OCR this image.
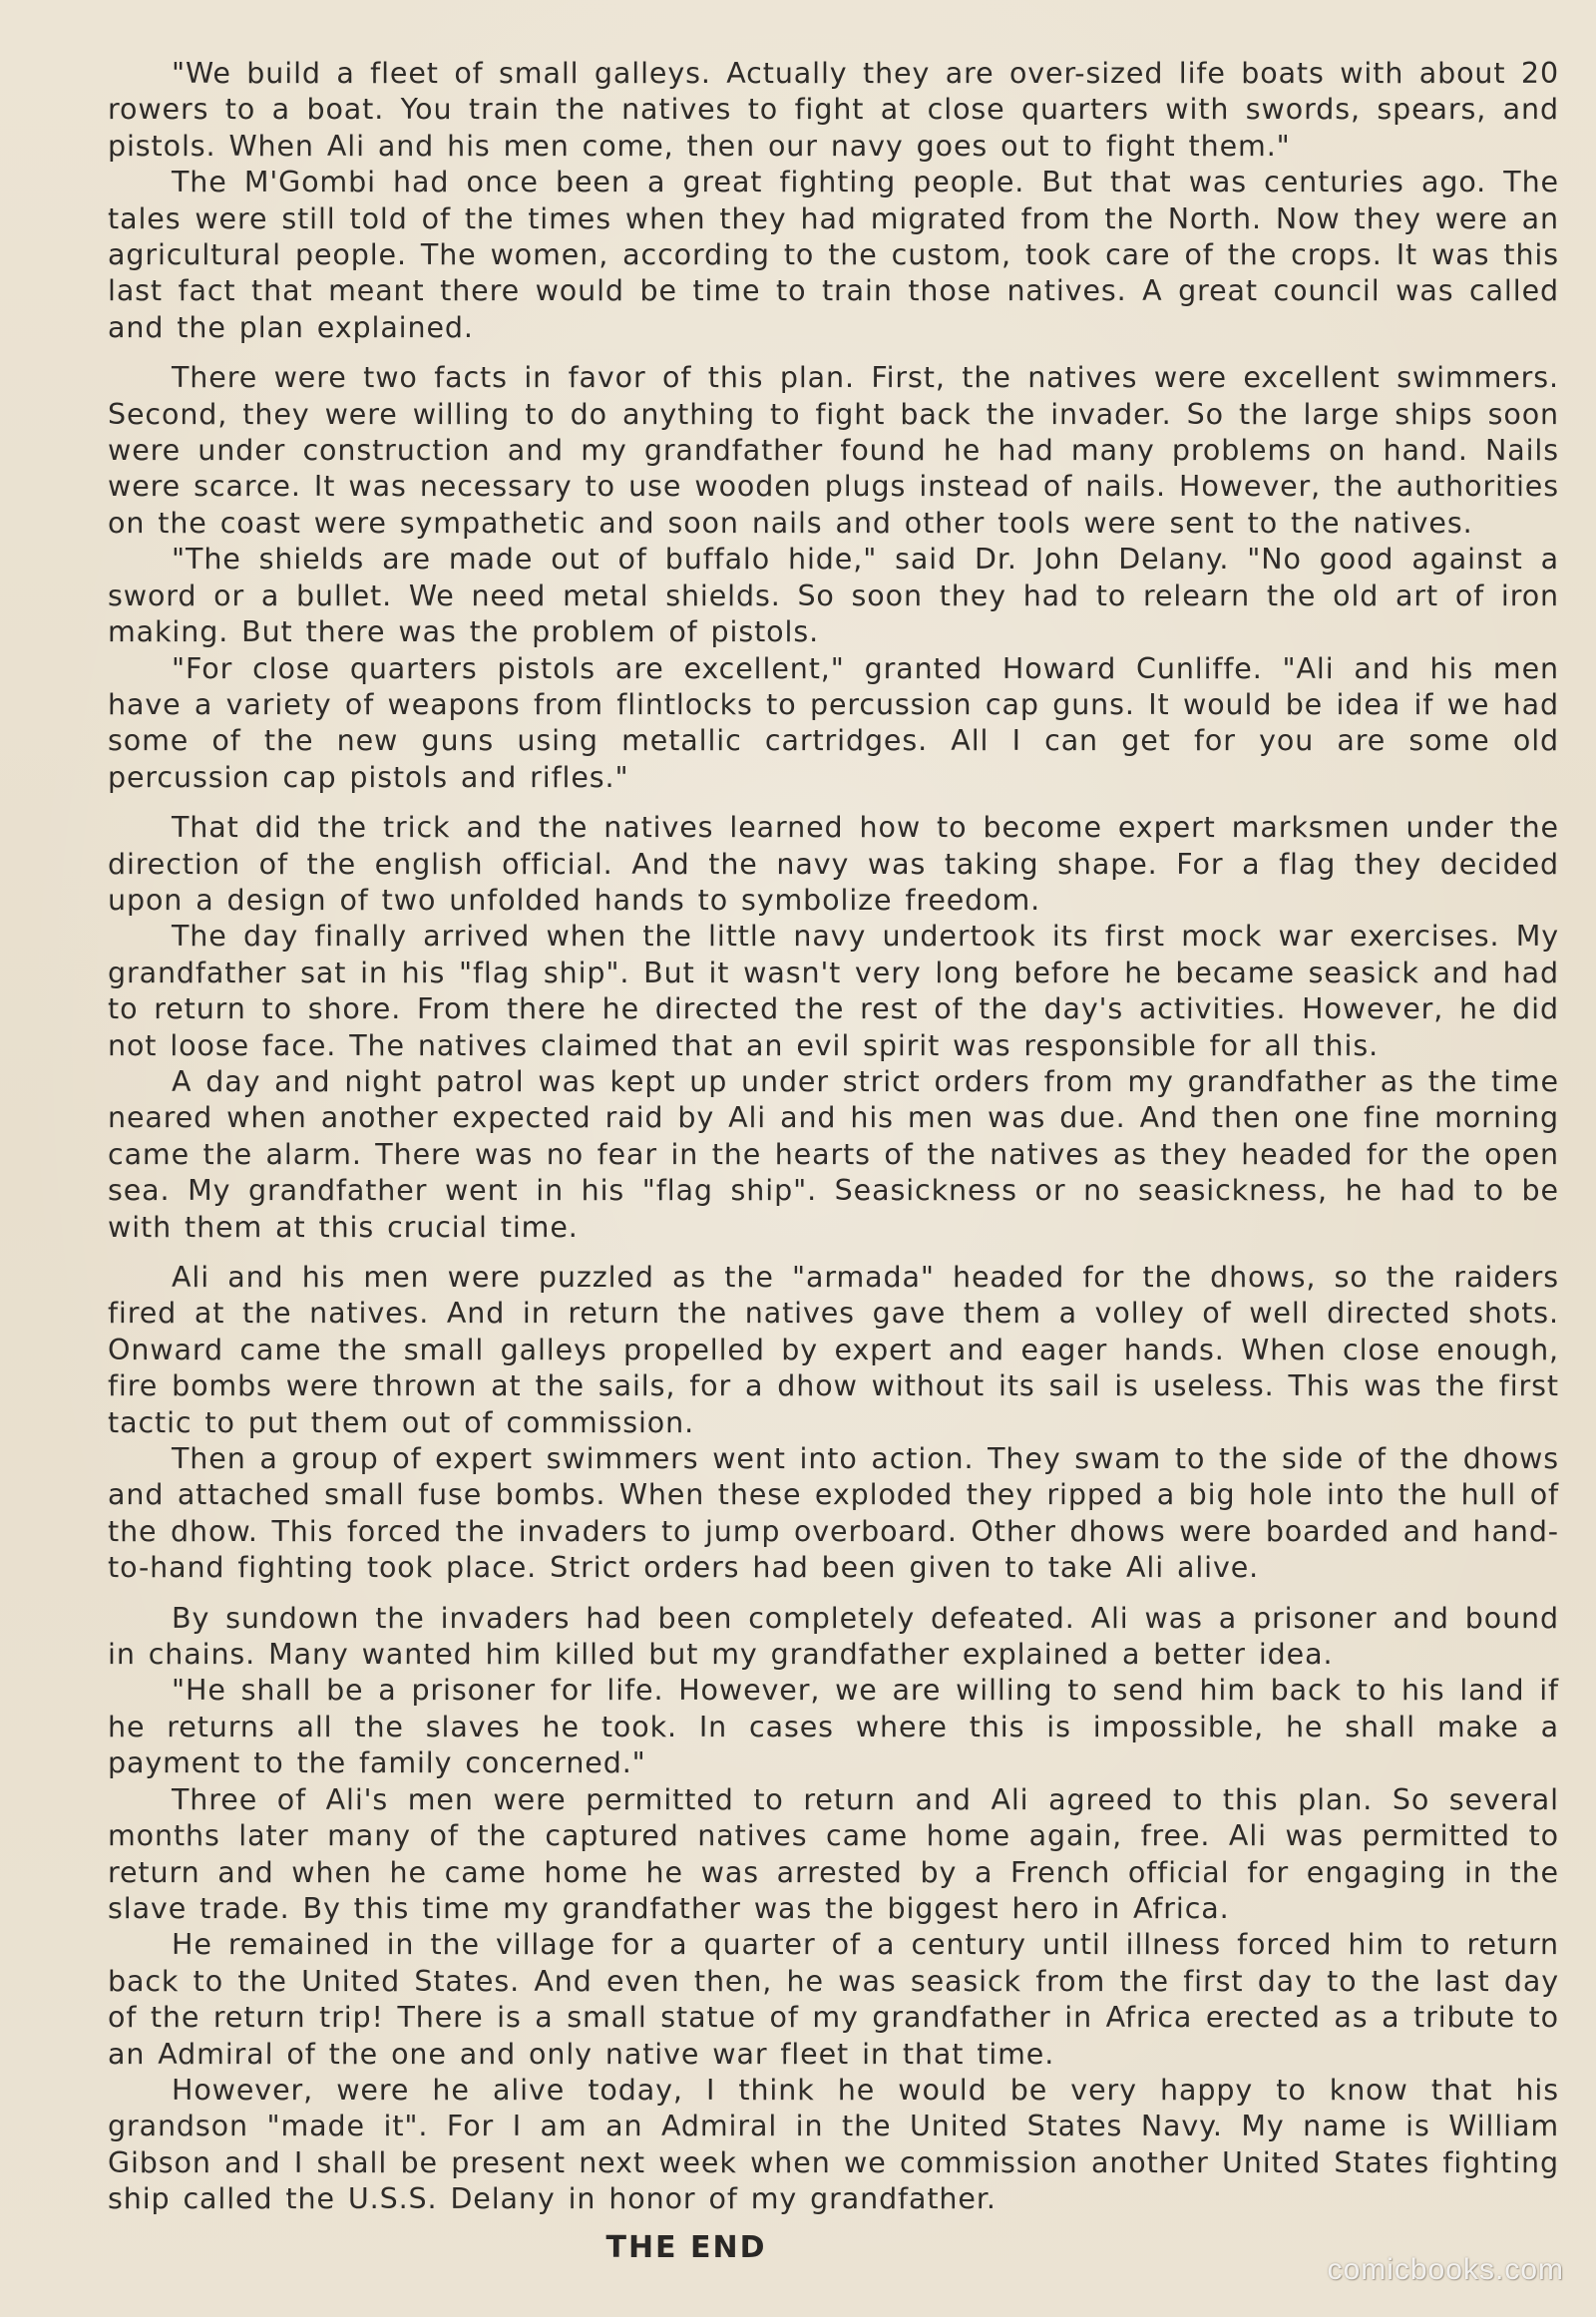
"We build a fleet of small galleys. Actually they are over-sized life boats with about 20 rowers to a boat. You train the natives to fight at close quarters with swords, spears, and pistols. When Ali and his men come, then our navy goes out to fight them."

The M'Gombi had once been a great fighting people. But that was centuries ago. The tales were still told of the times when they had migrated from the North. Now they were an agricultural people. The women, according to the custom, took care of the crops. It was this last fact that meant there would be time to train those natives. A great council was called and the plan explained.

There were two facts in favor of this plan. First, the natives were excellent swimmers. Second, they were willing to do anything to fight back the invader. So the large ships soon were under construction and my grandfather found he had many problems on hand. Nails were scarce. It was necessary to use wooden plugs instead of nails. However, the authorities on the coast were sympathetic and soon nails and other tools were sent to the natives.

"The shields are made out of buffalo hide," said Dr. John Delany. "No good against a sword or a bullet. We need metal shields. So soon they had to relearn the old art of iron making. But there was the problem of pistols.

"For close quarters pistols are excellent," granted Howard Cunliffe. "Ali and his men have a variety of weapons from flintlocks to percussion cap guns. It would be idea if we had some of the new guns using metallic cartridges. All I can get for you are some old percussion cap pistols and rifles."

That did the trick and the natives learned how to become expert marksmen under the direction of the english official. And the navy was taking shape. For a flag they decided upon a design of two unfolded hands to symbolize freedom.

The day finally arrived when the little navy undertook its first mock war exercises. My grandfather sat in his "flag ship". But it wasn't very long before he became seasick and had to return to shore. From there he directed the rest of the day's activities. However, he did not loose face. The natives claimed that an evil spirit was responsible for all this.

A day and night patrol was kept up under strict orders from my grandfather as the time neared when another expected raid by Ali and his men was due. And then one fine morning came the alarm. There was no fear in the hearts of the natives as they headed for the open sea. My grandfather went in his "flag ship". Seasickness or no seasickness, he had to be with them at this crucial time.

Ali and his men were puzzled as the "armada" headed for the dhows, so the raiders fired at the natives. And in return the natives gave them a volley of well directed shots. Onward came the small galleys propelled by expert and eager hands. When close enough, fire bombs were thrown at the sails, for a dhow without its sail is useless. This was the first tactic to put them out of commission.

Then a group of expert swimmers went into action. They swam to the side of the dhows and attached small fuse bombs. When these exploded they ripped a big hole into the hull of the dhow. This forced the invaders to jump overboard. Other dhows were boarded and hand-to-hand fighting took place. Strict orders had been given to take Ali alive.

By sundown the invaders had been completely defeated. Ali was a prisoner and bound in chains. Many wanted him killed but my grandfather explained a better idea.

"He shall be a prisoner for life. However, we are willing to send him back to his land if he returns all the slaves he took. In cases where this is impossible, he shall make a payment to the family concerned."

Three of Ali's men were permitted to return and Ali agreed to this plan. So several months later many of the captured natives came home again, free. Ali was permitted to return and when he came home he was arrested by a French official for engaging in the slave trade. By this time my grandfather was the biggest hero in Africa.

He remained in the village for a quarter of a century until illness forced him to return back to the United States. And even then, he was seasick from the first day to the last day of the return trip! There is a small statue of my grandfather in Africa erected as a tribute to an Admiral of the one and only native war fleet in that time.

However, were he alive today, I think he would be very happy to know that his grandson "made it". For I am an Admiral in the United States Navy. My name is William Gibson and I shall be present next week when we commission another United States fighting ship called the U.S.S. Delany in honor of my grandfather.

THE END
comicbooks.com
